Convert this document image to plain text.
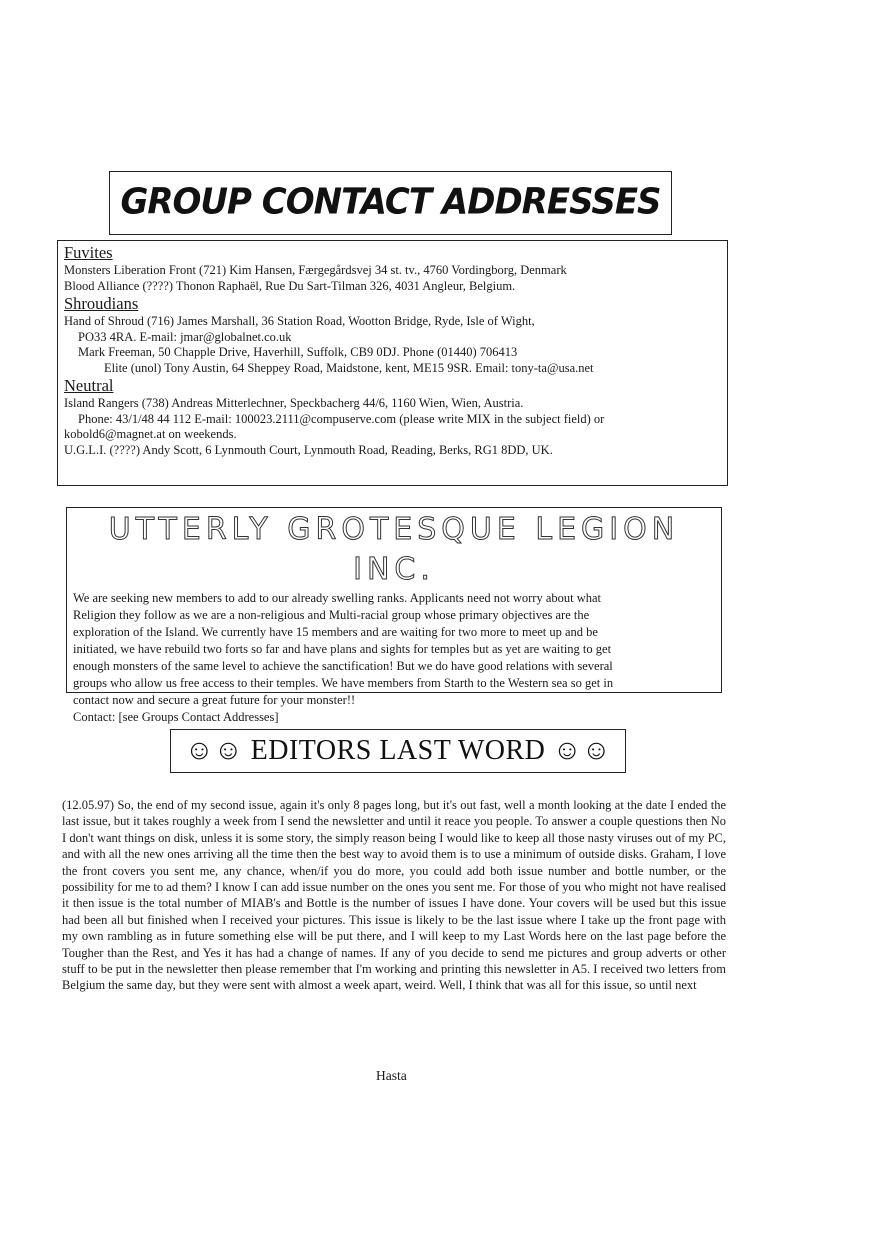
GROUP CONTACT ADDRESSES

Fuvites

Monsters Liberation Front (721) Kim Hansen, Færgegårdsvej 34 st. tv., 4760 Vordingborg, Denmark

Blood Alliance (????) Thonon Raphaël, Rue Du Sart-Tilman 326, 4031 Angleur, Belgium.

Shroudians

Hand of Shroud (716) James Marshall, 36 Station Road, Wootton Bridge, Ryde, Isle of Wight,

PO33 4RA. E-mail: jmar@globalnet.co.uk

Mark Freeman, 50 Chapple Drive, Haverhill, Suffolk, CB9 0DJ. Phone (01440) 706413

Elite (unol) Tony Austin, 64 Sheppey Road, Maidstone, kent, ME15 9SR. Email: tony-ta@usa.net

Neutral

Island Rangers (738) Andreas Mitterlechner, Speckbacherg 44/6, 1160 Wien, Wien, Austria.

Phone: 43/1/48 44 112 E-mail: 100023.2111@compuserve.com (please write MIX in the subject field) or

kobold6@magnet.at on weekends.

U.G.L.I. (????) Andy Scott, 6 Lynmouth Court, Lynmouth Road, Reading, Berks, RG1 8DD, UK.

UTTERLY GROTESQUE LEGION INC.

We are seeking new members to add to our already swelling ranks. Applicants need not worry about what

Religion they follow as we are a non-religious and Multi-racial group whose primary objectives are the

exploration of the Island. We currently have 15 members and are waiting for two more to meet up and be

initiated, we have rebuild two forts so far and have plans and sights for temples but as yet are waiting to get

enough monsters of the same level to achieve the sanctification! But we do have good relations with several

groups who allow us free access to their temples. We have members from Starth to the Western sea so get in

contact now and secure a great future for your monster!!

Contact: [see Groups Contact Addresses]

☺☺ EDITORS LAST WORD ☺☺

(12.05.97) So, the end of my second issue, again it's only 8 pages long, but it's out fast, well a month looking at the date I ended the last issue, but it takes roughly a week from I send the newsletter and until it reace you people. To answer a couple questions then No I don't want things on disk, unless it is some story, the simply reason being I would like to keep all those nasty viruses out of my PC, and with all the new ones arriving all the time then the best way to avoid them is to use a minimum of outside disks. Graham, I love the front covers you sent me, any chance, when/if you do more, you could add both issue number and bottle number, or the possibility for me to ad them? I know I can add issue number on the ones you sent me. For those of you who might not have realised it then issue is the total number of MIAB's and Bottle is the number of issues I have done. Your covers will be used but this issue had been all but finished when I received your pictures. This issue is likely to be the last issue where I take up the front page with my own rambling as in future something else will be put there, and I will keep to my Last Words here on the last page before the Tougher than the Rest, and Yes it has had a change of names. If any of you decide to send me pictures and group adverts or other stuff to be put in the newsletter then please remember that I'm working and printing this newsletter in A5. I received two letters from Belgium the same day, but they were sent with almost a week apart, weird. Well, I think that was all for this issue, so until next

Hasta
